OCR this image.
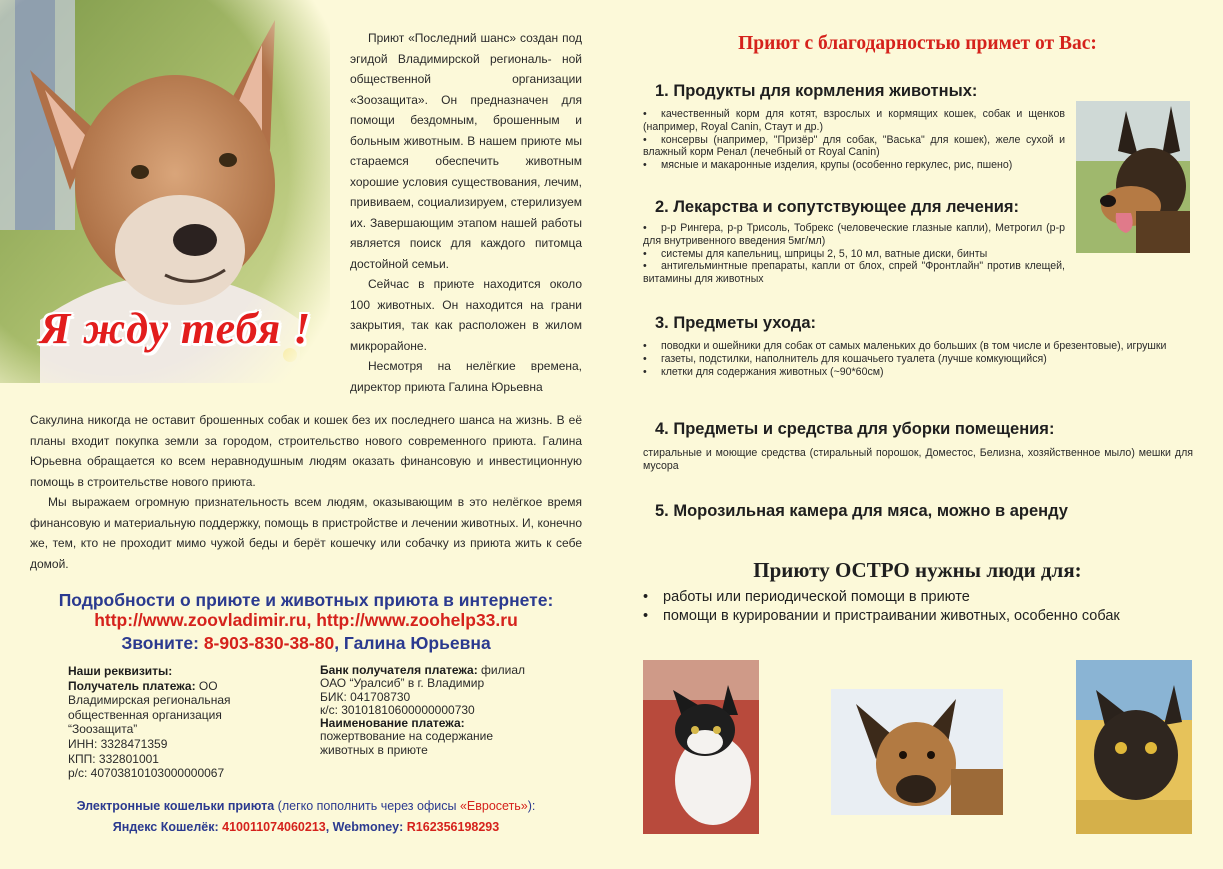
Я жду тебя !

Приют «Последний шанс» создан под эгидой Владимирской региональ- ной общественной организации «Зоозащита». Он предназначен для помощи бездомным, брошенным и больным животным. В нашем приюте мы стараемся обеспечить животным хорошие условия существования, лечим, прививаем, социализируем, стерилизуем их. Завершающим этапом нашей работы является поиск для каждого питомца достойной семьи.

Сейчас в приюте находится около 100 животных. Он находится на грани закрытия, так как расположен в жилом микрорайоне.

Несмотря на нелёгкие времена, директор приюта Галина Юрьевна

Сакулина никогда не оставит брошенных собак и кошек без их последнего шанса на жизнь. В её планы входит покупка земли за городом, строительство нового современного приюта. Галина Юрьевна обращается ко всем неравнодушным людям оказать финансовую и инвестиционную помощь в строительстве нового приюта.

Мы выражаем огромную признательность всем людям, оказывающим в это нелёгкое время финансовую и материальную поддержку, помощь в пристройстве и лечении животных. И, конечно же, тем, кто не проходит мимо чужой беды и берёт кошечку или собачку из приюта жить к себе домой.

Подробности о приюте и животных приюта в интернете:
http://www.zoovladimir.ru, http://www.zoohelp33.ru
Звоните: 8-903-830-38-80, Галина Юрьевна
Наши реквизиты:
Получатель платежа: ОО
Владимирская региональная
общественная организация
“Зоозащита”
ИНН: 3328471359
КПП: 332801001
р/с: 40703810103000000067
Банк получателя платежа: филиал
ОАО “Уралсиб” в г. Владимир
БИК: 041708730
к/с: 30101810600000000730
Наименование платежа:
пожертвование на содержание
животных в приюте
Электронные кошельки приюта (легко пополнить через офисы «Евросеть»):
Яндекс Кошелёк: 410011074060213, Webmoney: R162356198293
Приют с благодарностью примет от Вас:
1. Продукты для кормления животных:
• качественный корм для котят, взрослых и кормящих кошек, собак и щенков (например, Royal Canin, Стаут и др.)
• консервы (например, "Призёр" для собак, "Васька" для кошек), желе сухой и влажный корм Ренал (лечебный от Royal Canin)
• мясные и макаронные изделия, крупы (особенно геркулес, рис, пшено)
2. Лекарства и сопутствующее для лечения:
• р-р Рингера, р-р Трисоль, Тобрекс (человеческие глазные капли), Метрогил (р-р для внутривенного введения 5мг/мл)
• системы для капельниц, шприцы 2, 5, 10 мл, ватные диски, бинты
• антигельминтные препараты, капли от блох, спрей "Фронтлайн" против клещей, витамины для животных
3. Предметы ухода:
• поводки и ошейники для собак от самых маленьких до больших (в том числе и брезентовые), игрушки
• газеты, подстилки, наполнитель для кошачьего туалета (лучше комкующийся)
• клетки для содержания животных (~90*60см)
4. Предметы и средства для уборки помещения:
стиральные и моющие средства (стиральный порошок, Доместос, Белизна, хозяйственное мыло) мешки для мусора
5. Морозильная камера для мяса, можно в аренду
Приюту ОСТРО нужны люди для:
• работы или периодической помощи в приюте
• помощи в курировании и пристраивании животных, особенно собак
